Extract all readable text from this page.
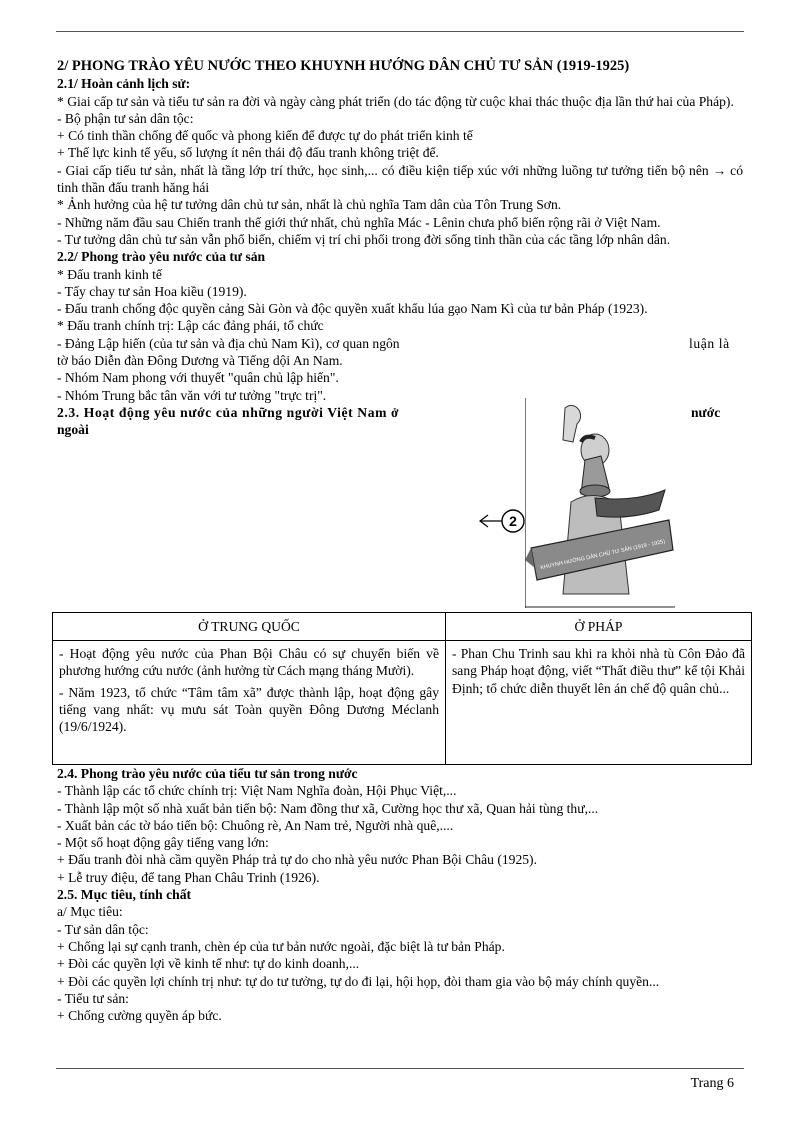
2/ PHONG TRÀO YÊU NƯỚC THEO KHUYNH HƯỚNG DÂN CHỦ TƯ SẢN (1919-1925)

2.1/ Hoàn cảnh lịch sử:

* Giai cấp tư sản và tiểu tư sản ra đời và ngày càng phát triển (do tác động từ cuộc khai thác thuộc địa lần thứ hai của Pháp).

- Bộ phận tư sản dân tộc:

+ Có tinh thần chống đế quốc và phong kiến để được tự do phát triển kinh tế

+ Thế lực kinh tế yếu, số lượng ít nên thái độ đấu tranh không triệt để.

- Giai cấp tiểu tư sản, nhất là tầng lớp trí thức, học sinh,... có điều kiện tiếp xúc với những luồng tư tưởng tiến bộ nên → có tinh thần đấu tranh hăng hái

* Ảnh hưởng của hệ tư tưởng dân chủ tư sản, nhất là chủ nghĩa Tam dân của Tôn Trung Sơn.

- Những năm đầu sau Chiến tranh thế giới thứ nhất, chủ nghĩa Mác - Lênin chưa phổ biến rộng rãi ở Việt Nam.

- Tư tưởng dân chủ tư sản vẫn phổ biến, chiếm vị trí chi phối trong đời sống tinh thần của các tầng lớp nhân dân.

2.2/ Phong trào yêu nước của tư sản

* Đấu tranh kinh tế

- Tẩy chay tư sản Hoa kiều (1919).

- Đấu tranh chống độc quyền cảng Sài Gòn và độc quyền xuất khẩu lúa gạo Nam Kì của tư bản Pháp (1923).

* Đấu tranh chính trị: Lập các đảng phái, tổ chức

- Đảng Lập hiến (của tư sản và địa chủ Nam Kì), cơ quan ngôn	luận là

tờ báo Diễn đàn Đông Dương và Tiếng dội An Nam.

- Nhóm Nam phong với thuyết "quân chủ lập hiến".

- Nhóm Trung bắc tân văn với tư tưởng "trực trị".

2.3. Hoạt động yêu nước của những người Việt Nam ở	nước

ngoài

2
KHUYNH HƯỚNG DÂN CHỦ TƯ SẢN (1919 - 1925)
Ở TRUNG QUỐC	Ở PHÁP

- Hoạt động yêu nước của Phan Bội Châu có sự chuyển biến về phương hướng cứu nước (ảnh hưởng từ Cách mạng tháng Mười).

- Năm 1923, tổ chức “Tâm tâm xã” được thành lập, hoạt động gây tiếng vang nhất: vụ mưu sát Toàn quyền Đông Dương Méclanh (19/6/1924).	- Phan Chu Trinh sau khi ra khỏi nhà tù Côn Đảo đã sang Pháp hoạt động, viết “Thất điều thư” kể tội Khải Định; tổ chức diễn thuyết lên án chế độ quân chủ...

2.4. Phong trào yêu nước của tiểu tư sản trong nước

- Thành lập các tổ chức chính trị: Việt Nam Nghĩa đoàn, Hội Phục Việt,...

- Thành lập một số nhà xuất bản tiến bộ: Nam đồng thư xã, Cường học thư xã, Quan hải tùng thư,...

- Xuất bản các tờ báo tiến bộ: Chuông rè, An Nam trẻ, Người nhà quê,....

- Một số hoạt động gây tiếng vang lớn:

+ Đấu tranh đòi nhà cầm quyền Pháp trả tự do cho nhà yêu nước Phan Bội Châu (1925).

+ Lễ truy điệu, để tang Phan Châu Trinh (1926).

2.5. Mục tiêu, tính chất

a/ Mục tiêu:

- Tư sản dân tộc:

+ Chống lại sự cạnh tranh, chèn ép của tư bản nước ngoài, đặc biệt là tư bản Pháp.

+ Đòi các quyền lợi về kinh tế như: tự do kinh doanh,...

+ Đòi các quyền lợi chính trị như: tự do tư tưởng, tự do đi lại, hội họp, đòi tham gia vào bộ máy chính quyền...

- Tiểu tư sản:

+ Chống cường quyền áp bức.

Trang 6
